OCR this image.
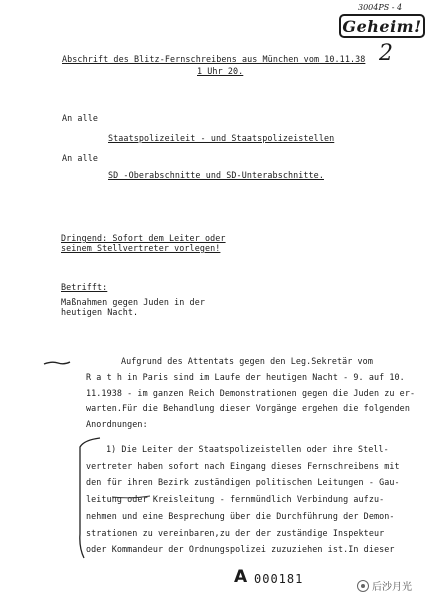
3004PS - 4
Geheim!
2
Abschrift des Blitz-Fernschreibens aus München vom 10.11.38
1 Uhr 20.
An alle
Staatspolizeileit - und Staatspolizeistellen
An alle
SD -Oberabschnitte und SD-Unterabschnitte.
Dringend: Sofort dem Leiter oder
seinem Stellvertreter vorlegen!
Betrifft:
Maßnahmen gegen Juden in der
heutigen Nacht.
Aufgrund des Attentats gegen den Leg.Sekretär vom
R a t h in Paris sind im Laufe der heutigen Nacht - 9. auf 10.
11.1938 - im ganzen Reich Demonstrationen gegen die Juden zu er-
warten.Für die Behandlung dieser Vorgänge ergehen die folgenden
Anordnungen:
1) Die Leiter der Staatspolizeistellen oder ihre Stell-
vertreter haben sofort nach Eingang dieses Fernschreibens mit
den für ihren Bezirk zuständigen politischen Leitungen - Gau-
leitung oder Kreisleitung - fernmündlich Verbindung aufzu-
nehmen und eine Besprechung über die Durchführung der Demon-
strationen zu vereinbaren,zu der der zuständige Inspekteur
oder Kommandeur der Ordnungspolizei zuzuziehen ist.In dieser
A 000181
后沙月光
